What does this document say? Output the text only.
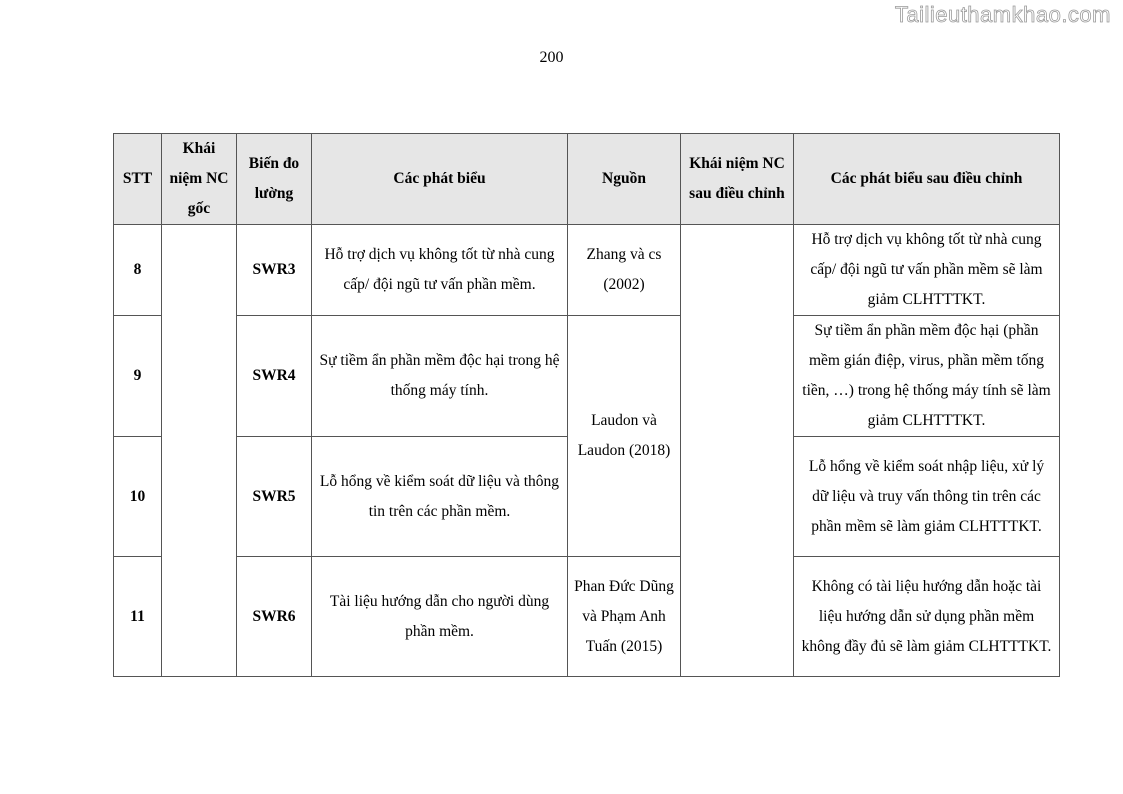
Tailieuthamkhao.com
200
STT	Khái niệm NC gốc	Biến đo lường	Các phát biểu	Nguồn	Khái niệm NC sau điều chỉnh	Các phát biểu sau điều chỉnh
8		SWR3	Hỗ trợ dịch vụ không tốt từ nhà cung cấp/ đội ngũ tư vấn phần mềm.	Zhang và cs (2002)		Hỗ trợ dịch vụ không tốt từ nhà cung cấp/ đội ngũ tư vấn phần mềm sẽ làm giảm CLHTTTKT.
9		SWR4	Sự tiềm ẩn phần mềm độc hại trong hệ thống máy tính.	Laudon và Laudon (2018)		Sự tiềm ẩn phần mềm độc hại (phần mềm gián điệp, virus, phần mềm tống tiền, …) trong hệ thống máy tính sẽ làm giảm CLHTTTKT.
10		SWR5	Lỗ hổng về kiểm soát dữ liệu và thông tin trên các phần mềm.			Lỗ hổng về kiểm soát nhập liệu, xử lý dữ liệu và truy vấn thông tin trên các phần mềm sẽ làm giảm CLHTTTKT.
11		SWR6	Tài liệu hướng dẫn cho người dùng phần mềm.	Phan Đức Dũng và Phạm Anh Tuấn (2015)		Không có tài liệu hướng dẫn hoặc tài liệu hướng dẫn sử dụng phần mềm không đầy đủ sẽ làm giảm CLHTTTKT.
